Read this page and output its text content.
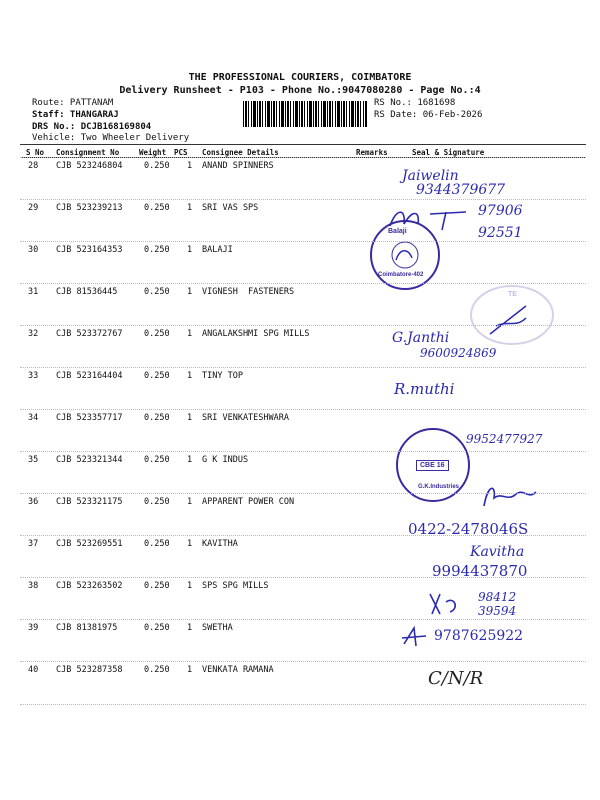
THE PROFESSIONAL COURIERS, COIMBATORE
Delivery Runsheet - P103 - Phone No.:9047080280 - Page No.:4
Route: PATTANAM
Staff: THANGARAJ
DRS No.: DCJB168169804
Vehicle: Two Wheeler Delivery
RS No.: 1681698
RS Date: 06-Feb-2026
S No Consignment No	Weight PCS Consignee Details	Remarks	Seal & Signature
Balaji
Coimbatore-402
TE
G.K.Industries
CBE 16
Jaiwelin
9344379677
97906 92551
G.Janthi
9600924869
R.muthi
9952477927
0422-2478046S
Kavitha
9994437870
98412 39594
9787625922
C/N/R
28 CJB 523246804	0.250 1 ANAND SPINNERS
29 CJB 523239213	0.250 1 SRI VAS SPS
30 CJB 523164353	0.250 1 BALAJI
31 CJB 81536445	0.250 1 VIGNESH  FASTENERS
32 CJB 523372767	0.250 1 ANGALAKSHMI SPG MILLS
33 CJB 523164404	0.250 1 TINY TOP
34 CJB 523357717	0.250 1 SRI VENKATESHWARA
35 CJB 523321344	0.250 1 G K INDUS
36 CJB 523321175	0.250 1 APPARENT POWER CON
37 CJB 523269551	0.250 1 KAVITHA
38 CJB 523263502	0.250 1 SPS SPG MILLS
39 CJB 81381975	0.250 1 SWETHA
40 CJB 523287358	0.250 1 VENKATA RAMANA
